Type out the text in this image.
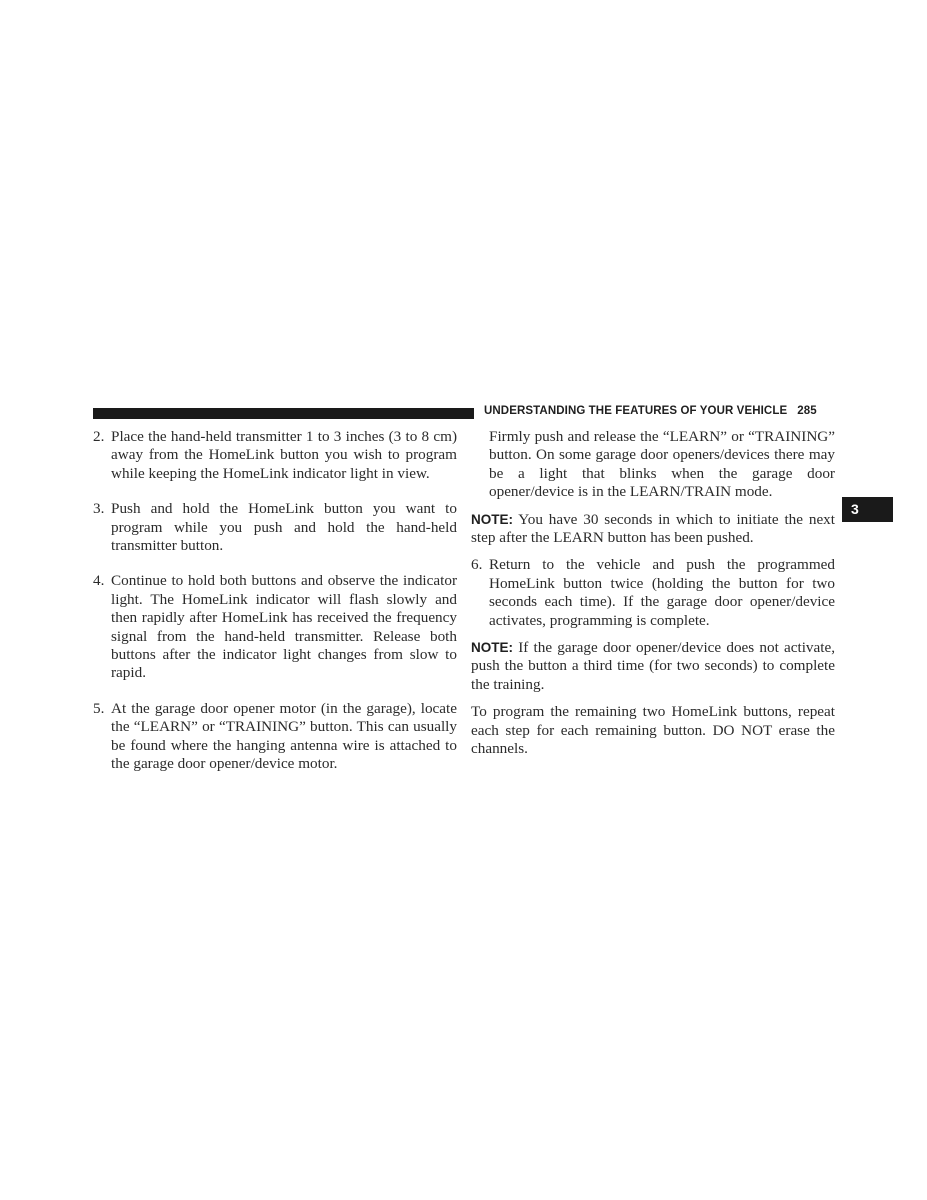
UNDERSTANDING THE FEATURES OF YOUR VEHICLE 285
3
2. Place the hand-held transmitter 1 to 3 inches (3 to 8 cm) away from the HomeLink button you wish to program while keeping the HomeLink indicator light in view.
3. Push and hold the HomeLink button you want to program while you push and hold the hand-held transmitter button.
4. Continue to hold both buttons and observe the indicator light. The HomeLink indicator will flash slowly and then rapidly after HomeLink has received the frequency signal from the hand-held transmitter. Release both buttons after the indicator light changes from slow to rapid.
5. At the garage door opener motor (in the garage), locate the “LEARN” or “TRAINING” button. This can usually be found where the hanging antenna wire is attached to the garage door opener/device motor.

Firmly push and release the “LEARN” or “TRAINING” button. On some garage door openers/devices there may be a light that blinks when the garage door opener/device is in the LEARN/TRAIN mode.

NOTE: You have 30 seconds in which to initiate the next step after the LEARN button has been pushed.

6. Return to the vehicle and push the programmed HomeLink button twice (holding the button for two seconds each time). If the garage door opener/device activates, programming is complete.

NOTE: If the garage door opener/device does not activate, push the button a third time (for two seconds) to complete the training.

To program the remaining two HomeLink buttons, repeat each step for each remaining button. DO NOT erase the channels.
